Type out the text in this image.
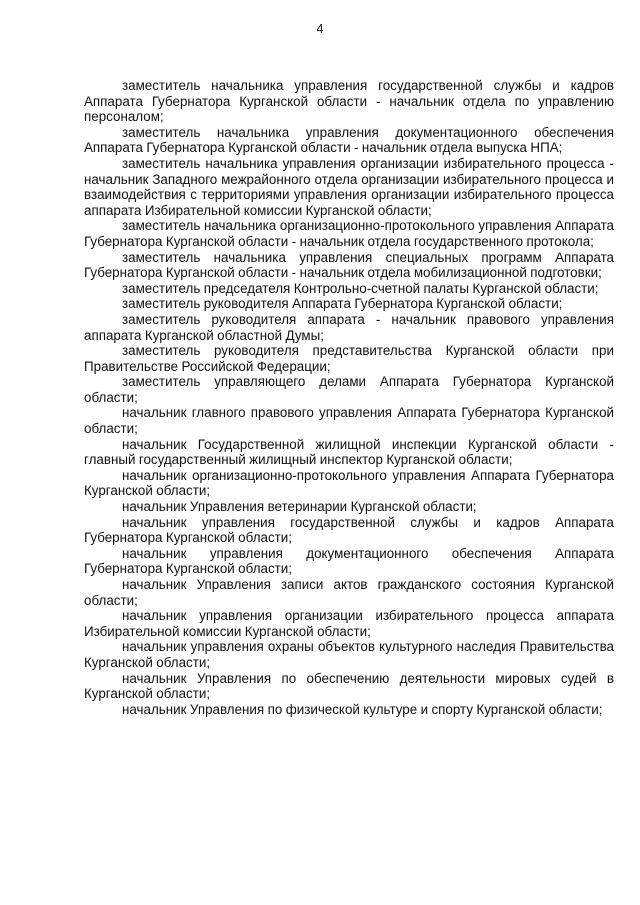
4

заместитель начальника управления государственной службы и кадров Аппарата Губернатора Курганской области - начальник отдела по управлению персоналом;

заместитель начальника управления документационного обеспечения Аппарата Губернатора Курганской области - начальник отдела выпуска НПА;

заместитель начальника управления организации избирательного процесса - начальник Западного межрайонного отдела организации избирательного процесса и взаимодействия с территориями управления организации избирательного процесса аппарата Избирательной комиссии Курганской области;

заместитель начальника организационно-протокольного управления Аппарата Губернатора Курганской области - начальник отдела государственного протокола;

заместитель начальника управления специальных программ Аппарата Губернатора Курганской области - начальник отдела мобилизационной подготовки;

заместитель председателя Контрольно-счетной палаты Курганской области;

заместитель руководителя Аппарата Губернатора Курганской области;

заместитель руководителя аппарата - начальник правового управления аппарата Курганской областной Думы;

заместитель руководителя представительства Курганской области при Правительстве Российской Федерации;

заместитель управляющего делами Аппарата Губернатора Курганской области;

начальник главного правового управления Аппарата Губернатора Курганской области;

начальник Государственной жилищной инспекции Курганской области - главный государственный жилищный инспектор Курганской области;

начальник организационно-протокольного управления Аппарата Губернатора Курганской области;

начальник Управления ветеринарии Курганской области;

начальник управления государственной службы и кадров Аппарата Губернатора Курганской области;

начальник управления документационного обеспечения Аппарата Губернатора Курганской области;

начальник Управления записи актов гражданского состояния Курганской области;

начальник управления организации избирательного процесса аппарата Избирательной комиссии Курганской области;

начальник управления охраны объектов культурного наследия Правительства Курганской области;

начальник Управления по обеспечению деятельности мировых судей в Курганской области;

начальник Управления по физической культуре и спорту Курганской области;
